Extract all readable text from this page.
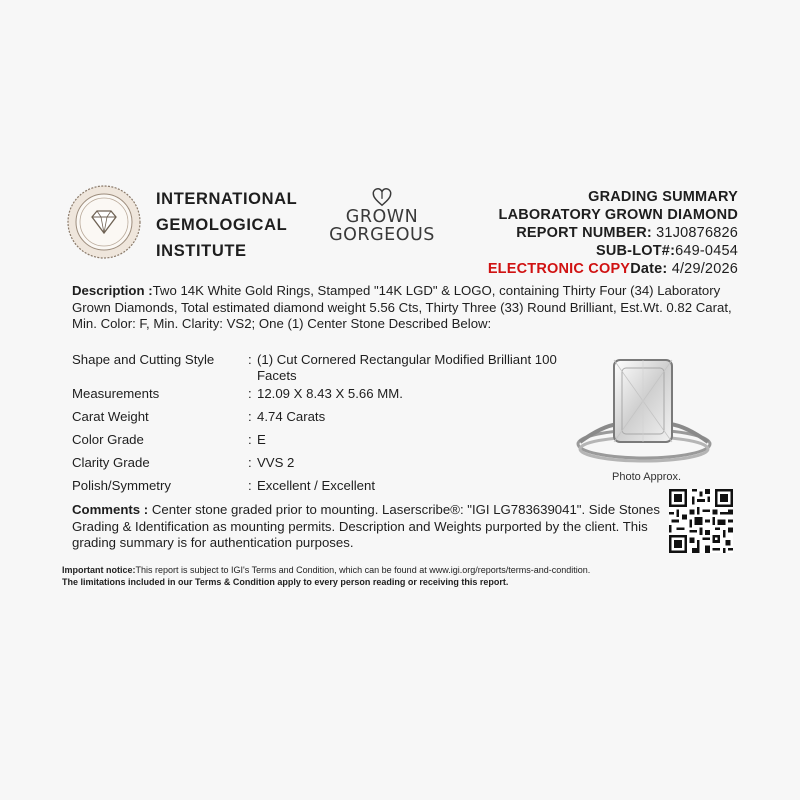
INTERNATIONAL
GEMOLOGICAL
INSTITUTE
GROWN
GORGEOUS
GRADING SUMMARY
LABORATORY GROWN DIAMOND
REPORT NUMBER: 31J0876826
SUB-LOT#:649-0454
ELECTRONIC COPYDate: 4/29/2026
Description :Two 14K White Gold Rings, Stamped "14K LGD" & LOGO, containing Thirty Four (34) Laboratory Grown Diamonds, Total estimated diamond weight 5.56 Cts, Thirty Three (33) Round Brilliant, Est.Wt. 0.82 Carat, Min. Color: F, Min. Clarity: VS2; One (1) Center Stone Described Below:
Shape and Cutting Style	: (1) Cut Cornered Rectangular Modified Brilliant 100 Facets
Measurements	: 12.09 X 8.43 X 5.66 MM.
Carat Weight	: 4.74 Carats
Color Grade	: E
Clarity Grade	: VVS 2
Polish/Symmetry	: Excellent / Excellent
Photo Approx.
Comments : Center stone graded prior to mounting. Laserscribe®: "IGI LG783639041". Side Stones Grading & Identification as mounting permits. Description and Weights purported by the client. This grading summary is for authentication purposes.
Important notice:This report is subject to IGI's Terms and Condition, which can be found at www.igi.org/reports/terms-and-condition.
The limitations included in our Terms & Condition apply to every person reading or receiving this report.
